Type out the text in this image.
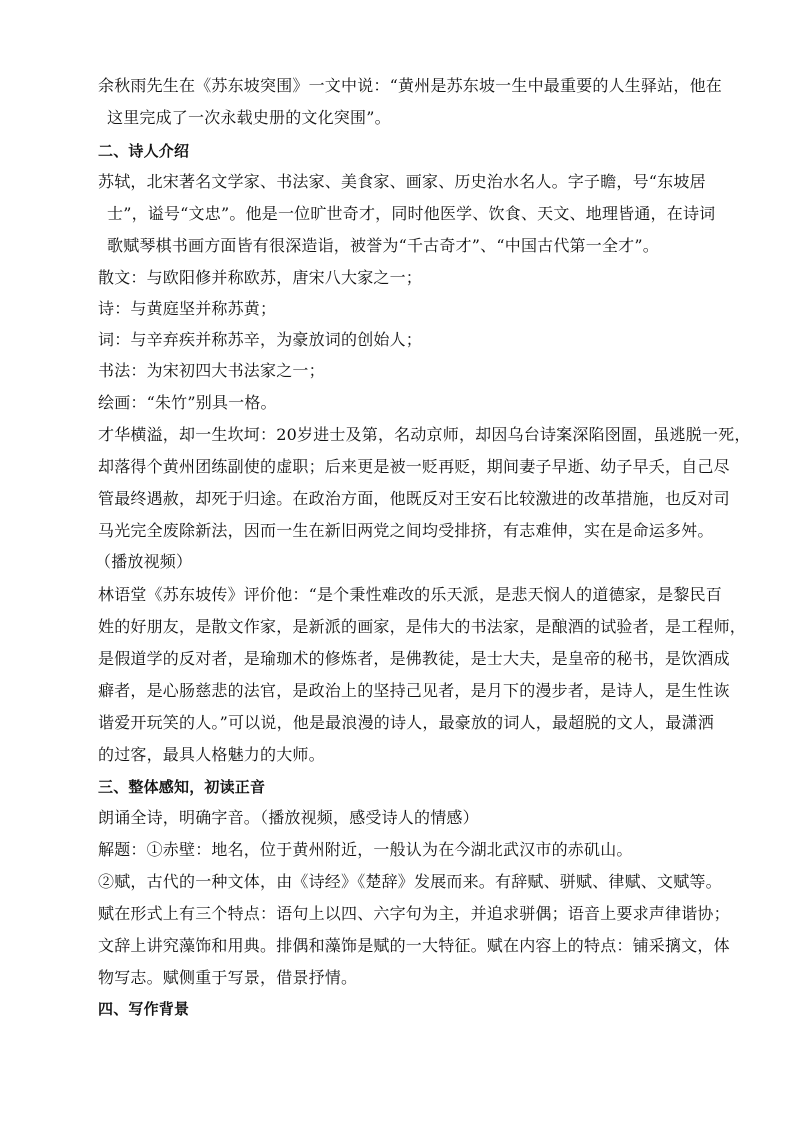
余秋雨先生在《苏东坡突围》一文中说：“黄州是苏东坡一生中最重要的人生驿站，他在
这里完成了一次永载史册的文化突围”。
二、诗人介绍
苏轼，北宋著名文学家、书法家、美食家、画家、历史治水名人。字子瞻，号“东坡居
士”，谥号“文忠”。他是一位旷世奇才，同时他医学、饮食、天文、地理皆通，在诗词
歌赋琴棋书画方面皆有很深造诣，被誉为“千古奇才”、“中国古代第一全才”。
散文：与欧阳修并称欧苏，唐宋八大家之一；
诗：与黄庭坚并称苏黄；
词：与辛弃疾并称苏辛，为豪放词的创始人；
书法：为宋初四大书法家之一；
绘画：“朱竹”别具一格。
才华横溢，却一生坎坷：20岁进士及第，名动京师，却因乌台诗案深陷囹圄，虽逃脱一死，
却落得个黄州团练副使的虚职；后来更是被一贬再贬，期间妻子早逝、幼子早夭，自己尽
管最终遇赦，却死于归途。在政治方面，他既反对王安石比较激进的改革措施，也反对司
马光完全废除新法，因而一生在新旧两党之间均受排挤，有志难伸，实在是命运多舛。
（播放视频）
林语堂《苏东坡传》评价他：“是个秉性难改的乐天派，是悲天悯人的道德家，是黎民百
姓的好朋友，是散文作家，是新派的画家，是伟大的书法家，是酿酒的试验者，是工程师，
是假道学的反对者，是瑜珈术的修炼者，是佛教徒，是士大夫，是皇帝的秘书，是饮酒成
癖者，是心肠慈悲的法官，是政治上的坚持己见者，是月下的漫步者，是诗人，是生性诙
谐爱开玩笑的人。”可以说，他是最浪漫的诗人，最豪放的词人，最超脱的文人，最潇洒
的过客，最具人格魅力的大师。
三、整体感知，初读正音
朗诵全诗，明确字音。（播放视频，感受诗人的情感）
解题：①赤壁：地名，位于黄州附近，一般认为在今湖北武汉市的赤矶山。
②赋，古代的一种文体，由《诗经》《楚辞》发展而来。有辞赋、骈赋、律赋、文赋等。
赋在形式上有三个特点：语句上以四、六字句为主，并追求骈偶；语音上要求声律谐协；
文辞上讲究藻饰和用典。排偶和藻饰是赋的一大特征。赋在内容上的特点：铺采摛文，体
物写志。赋侧重于写景，借景抒情。
四、写作背景
